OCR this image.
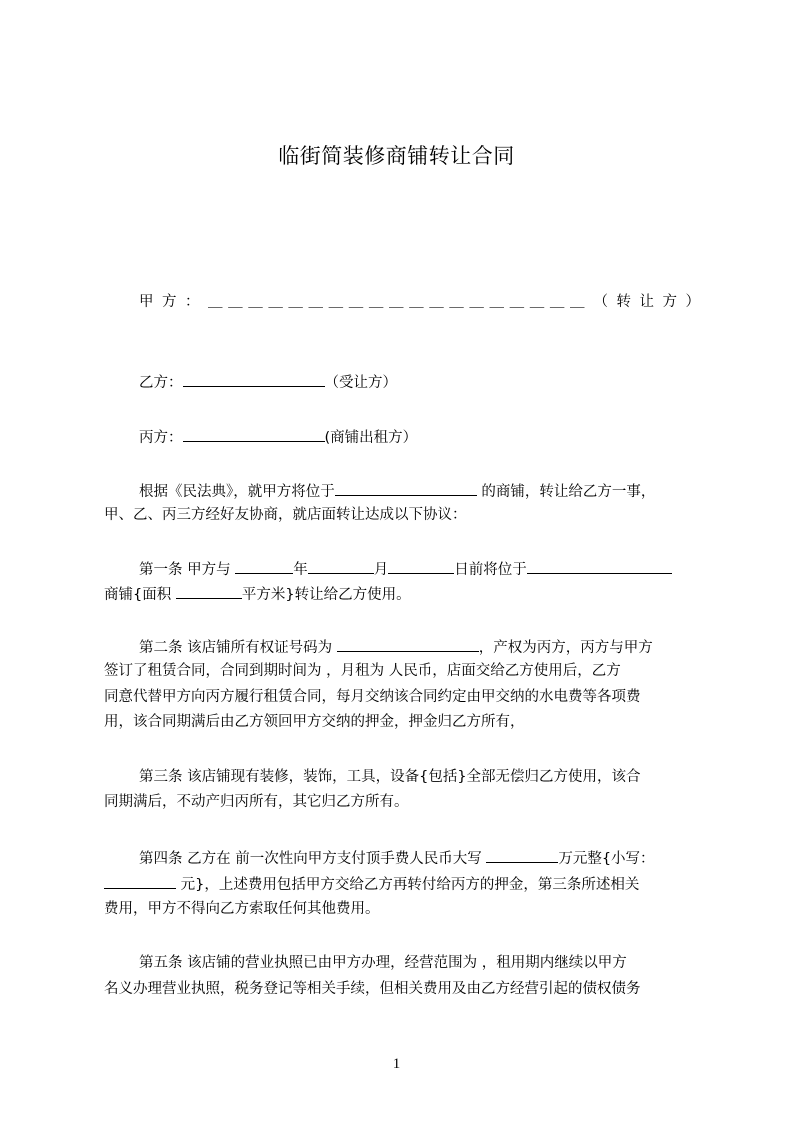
临街简装修商铺转让合同
甲 方 ： ＿ ＿ ＿ ＿ ＿ ＿ ＿ ＿ ＿ ＿ ＿ ＿ ＿ ＿ ＿ ＿ ＿ ＿ ＿ （ 转 让 方 ）
乙方：	（受让方）
丙方：	(商铺出租方）
根据《民法典》，就甲方将位于	的商铺，转让给乙方一事，
甲、乙、丙三方经好友协商，就店面转让达成以下协议：
第一条 甲方与	年	月	日前将位于
商铺{面积	平方米}转让给乙方使用。
第二条 该店铺所有权证号码为	，产权为丙方，丙方与甲方
签订了租赁合同，合同到期时间为 ，月租为 人民币，店面交给乙方使用后，乙方
同意代替甲方向丙方履行租赁合同，每月交纳该合同约定由甲交纳的水电费等各项费
用，该合同期满后由乙方领回甲方交纳的押金，押金归乙方所有，
第三条 该店铺现有装修，装饰，工具，设备{包括}全部无偿归乙方使用，该合
同期满后，不动产归丙所有，其它归乙方所有。
第四条 乙方在 前一次性向甲方支付顶手费人民币大写	万元整{小写：
元}，上述费用包括甲方交给乙方再转付给丙方的押金，第三条所述相关
费用，甲方不得向乙方索取任何其他费用。
第五条 该店铺的营业执照已由甲方办理，经营范围为 ，租用期内继续以甲方
名义办理营业执照，税务登记等相关手续，但相关费用及由乙方经营引起的债权债务
1
